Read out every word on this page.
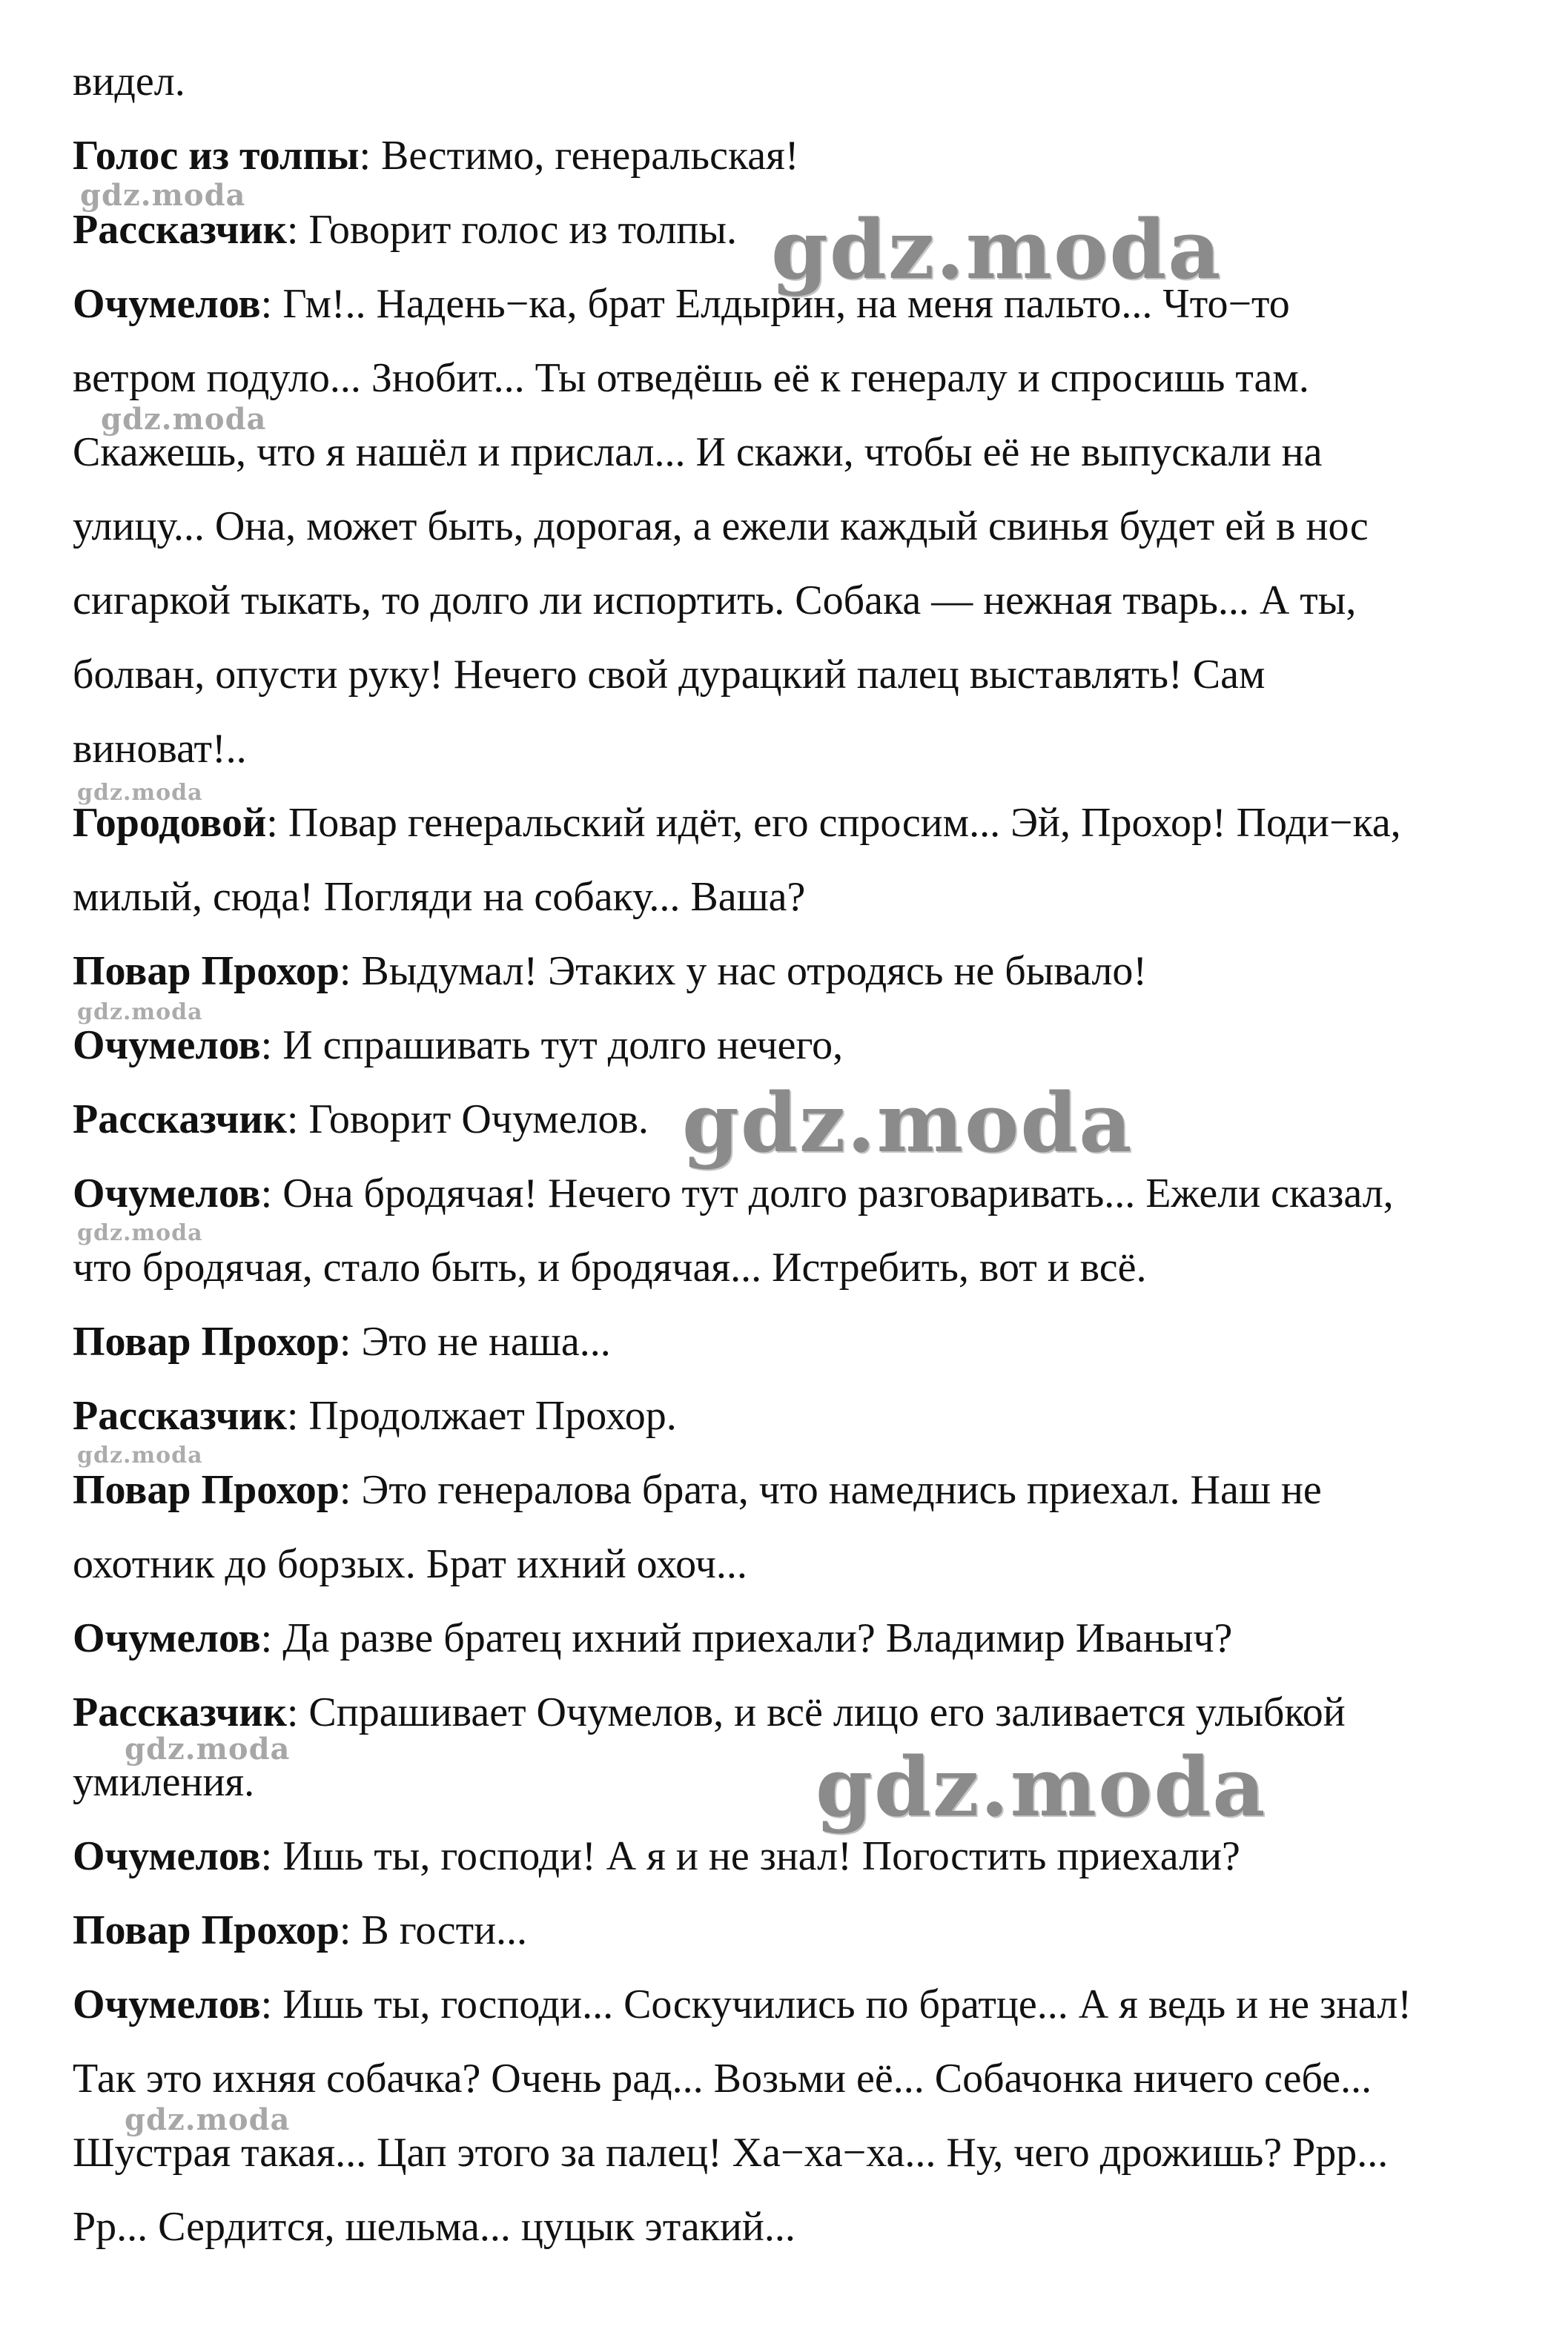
видел.
Голос из толпы: Вестимо, генеральская!
Рассказчик: Говорит голос из толпы.
Очумелов: Гм!.. Надень−ка, брат Елдырин, на меня пальто... Что−то
ветром подуло... Знобит... Ты отведёшь её к генералу и спросишь там.
Скажешь, что я нашёл и прислал... И скажи, чтобы её не выпускали на
улицу... Она, может быть, дорогая, а ежели каждый свинья будет ей в нос
сигаркой тыкать, то долго ли испортить. Собака — нежная тварь... А ты,
болван, опусти руку! Нечего свой дурацкий палец выставлять! Сам
виноват!..
Городовой: Повар генеральский идёт, его спросим... Эй, Прохор! Поди−ка,
милый, сюда! Погляди на собаку... Ваша?
Повар Прохор: Выдумал! Этаких у нас отродясь не бывало!
Очумелов: И спрашивать тут долго нечего,
Рассказчик: Говорит Очумелов.
Очумелов: Она бродячая! Нечего тут долго разговаривать... Ежели сказал,
что бродячая, стало быть, и бродячая... Истребить, вот и всё.
Повар Прохор: Это не наша...
Рассказчик: Продолжает Прохор.
Повар Прохор: Это генералова брата, что намеднись приехал. Наш не
охотник до борзых. Брат ихний охоч...
Очумелов: Да разве братец ихний приехали? Владимир Иваныч?
Рассказчик: Спрашивает Очумелов, и всё лицо его заливается улыбкой
умиления.
Очумелов: Ишь ты, господи! А я и не знал! Погостить приехали?
Повар Прохор: В гости...
Очумелов: Ишь ты, господи... Соскучились по братце... А я ведь и не знал!
Так это ихняя собачка? Очень рад... Возьми её... Собачонка ничего себе...
Шустрая такая... Цап этого за палец! Ха−ха−ха... Ну, чего дрожишь? Ррр...
Рр... Сердится, шельма... цуцык этакий...
gdz.moda
gdz.moda
gdz.moda
gdz.moda
gdz.moda
gdz.moda
gdz.moda
gdz.moda
gdz.moda	gdz.moda
gdz.moda
